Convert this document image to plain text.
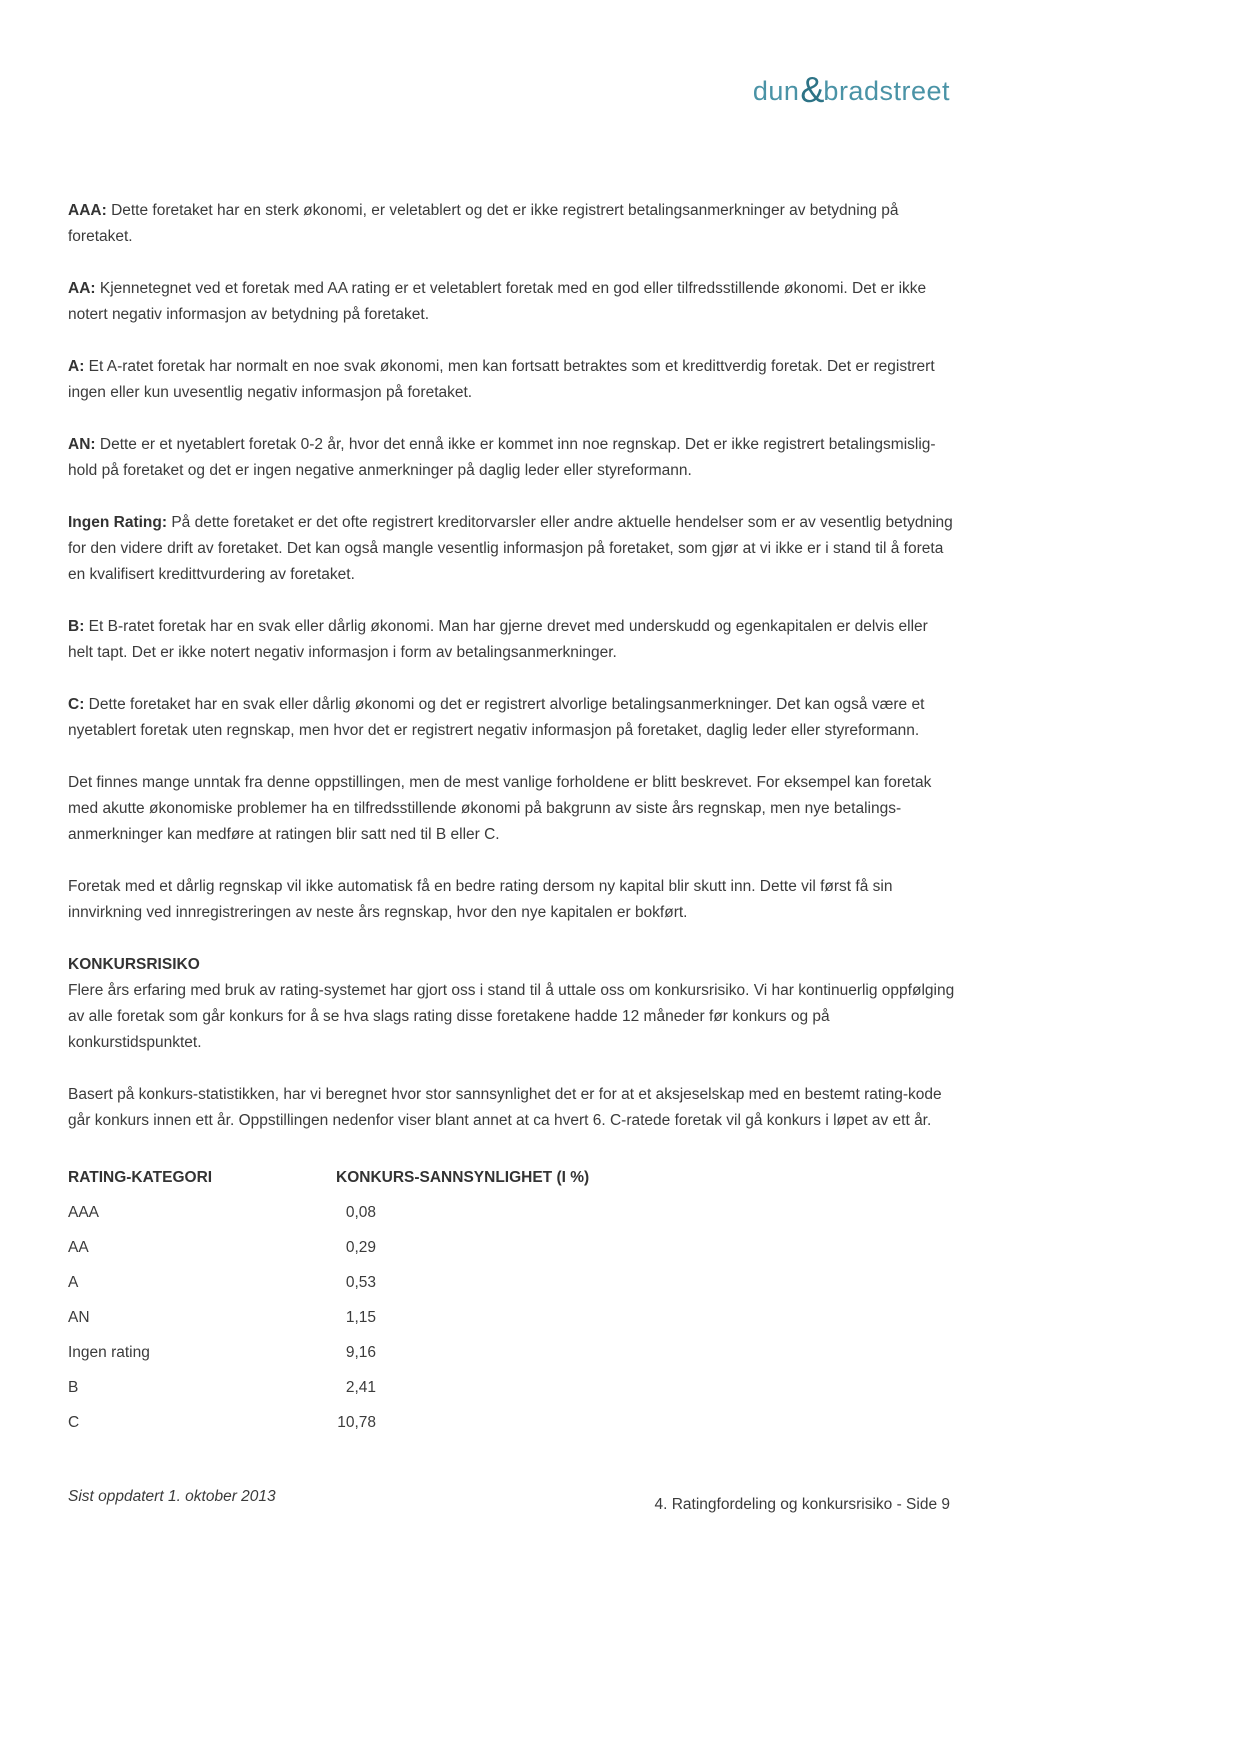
dun&bradstreet

AAA: Dette foretaket har en sterk økonomi, er veletablert og det er ikke registrert betalingsanmerkninger av betydning på foretaket.

AA: Kjennetegnet ved et foretak med AA rating er et veletablert foretak med en god eller tilfredsstillende økonomi. Det er ikke notert negativ informasjon av betydning på foretaket.

A: Et A-ratet foretak har normalt en noe svak økonomi, men kan fortsatt betraktes som et kredittverdig foretak. Det er registrert ingen eller kun uvesentlig negativ informasjon på foretaket.

AN: Dette er et nyetablert foretak 0-2 år, hvor det ennå ikke er kommet inn noe regnskap. Det er ikke registrert betalingsmislig- hold på foretaket og det er ingen negative anmerkninger på daglig leder eller styreformann.

Ingen Rating: På dette foretaket er det ofte registrert kreditorvarsler eller andre aktuelle hendelser som er av vesentlig betydning for den videre drift av foretaket. Det kan også mangle vesentlig informasjon på foretaket, som gjør at vi ikke er i stand til å foreta en kvalifisert kredittvurdering av foretaket.

B: Et B-ratet foretak har en svak eller dårlig økonomi. Man har gjerne drevet med underskudd og egenkapitalen er delvis eller helt tapt. Det er ikke notert negativ informasjon i form av betalingsanmerkninger.

C: Dette foretaket har en svak eller dårlig økonomi og det er registrert alvorlige betalingsanmerkninger. Det kan også være et nyetablert foretak uten regnskap, men hvor det er registrert negativ informasjon på foretaket, daglig leder eller styreformann.

Det finnes mange unntak fra denne oppstillingen, men de mest vanlige forholdene er blitt beskrevet. For eksempel kan foretak med akutte økonomiske problemer ha en tilfredsstillende økonomi på bakgrunn av siste års regnskap, men nye betalings- anmerkninger kan medføre at ratingen blir satt ned til B eller C.

Foretak med et dårlig regnskap vil ikke automatisk få en bedre rating dersom ny kapital blir skutt inn. Dette vil først få sin innvirkning ved innregistreringen av neste års regnskap, hvor den nye kapitalen er bokført.

KONKURSRISIKO

Flere års erfaring med bruk av rating-systemet har gjort oss i stand til å uttale oss om konkursrisiko. Vi har kontinuerlig oppfølging av alle foretak som går konkurs for å se hva slags rating disse foretakene hadde 12 måneder før konkurs og på konkurstidspunktet.

Basert på konkurs-statistikken, har vi beregnet hvor stor sannsynlighet det er for at et aksjeselskap med en bestemt rating-kode går konkurs innen ett år. Oppstillingen nedenfor viser blant annet at ca hvert 6. C-ratede foretak vil gå konkurs i løpet av ett år.

RATING-KATEGORI	KONKURS-SANNSYNLIGHET (I %)
AAA	0,08
AA	0,29
A	0,53
AN	1,15
Ingen rating	9,16
B	2,41
C	10,78
Sist oppdatert 1. oktober 2013	4. Ratingfordeling og konkursrisiko - Side 9
